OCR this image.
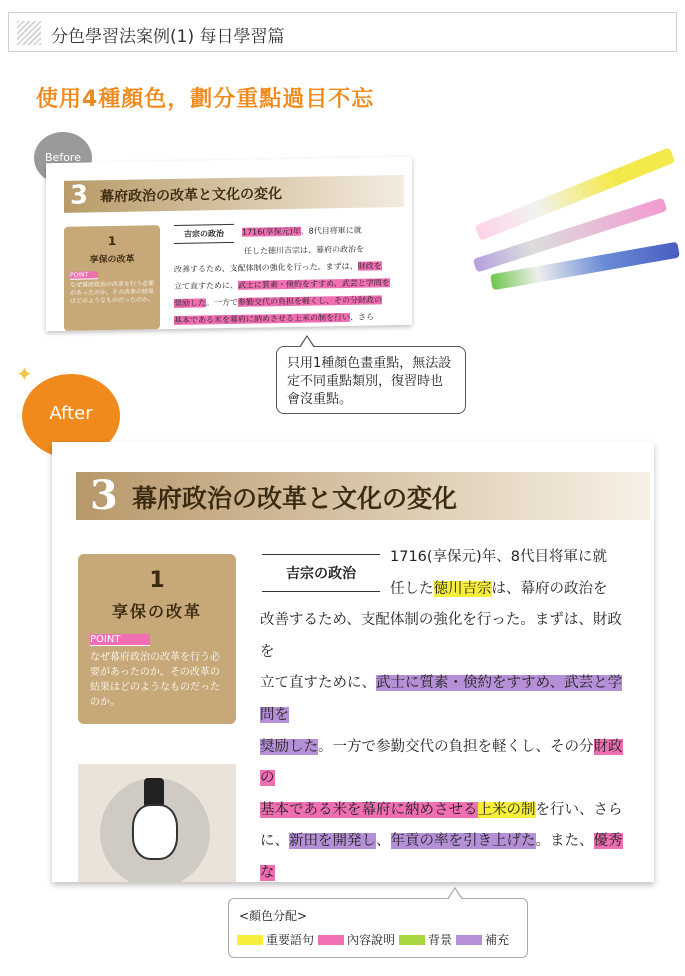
分色學習法案例(1) 每日學習篇
使用4種顏色，劃分重點過目不忘
Before
3 幕府政治の改革と文化の変化
1
享保の改革
POINT
なぜ幕府政治の改革を行う必要があったのか。その改革の結果はどのようなものだったのか。
吉宗の政治	1716(享保元)年、8代目将軍に就
任した徳川吉宗は、幕府の政治を
改善するため、支配体制の強化を行った。まずは、財政を
立て直すために、武士に質素・倹約をすすめ、武芸と学問を
奨励した。一方で参勤交代の負担を軽くし、その分財政の
基本である米を幕府に納めさせる上米の制を行い、さら
只用1種顏色畫重點，無法設定不同重點類別，復習時也會沒重點。
✦
After
3 幕府政治の改革と文化の変化
1
享保の改革
POINT
なぜ幕府政治の改革を行う必要があったのか。その改革の結果はどのようなものだったのか。
吉宗の政治
1716(享保元)年、8代目将軍に就
任した徳川吉宗は、幕府の政治を
改善するため、支配体制の強化を行った。まずは、財政を
立て直すために、武士に質素・倹約をすすめ、武芸と学問を
奨励した。一方で参勤交代の負担を軽くし、その分財政の
基本である米を幕府に納めさせる上米の制を行い、さら
に、新田を開発し、年貢の率を引き上げた。また、優秀な
<顏色分配>
重要語句	內容說明	背景	補充
